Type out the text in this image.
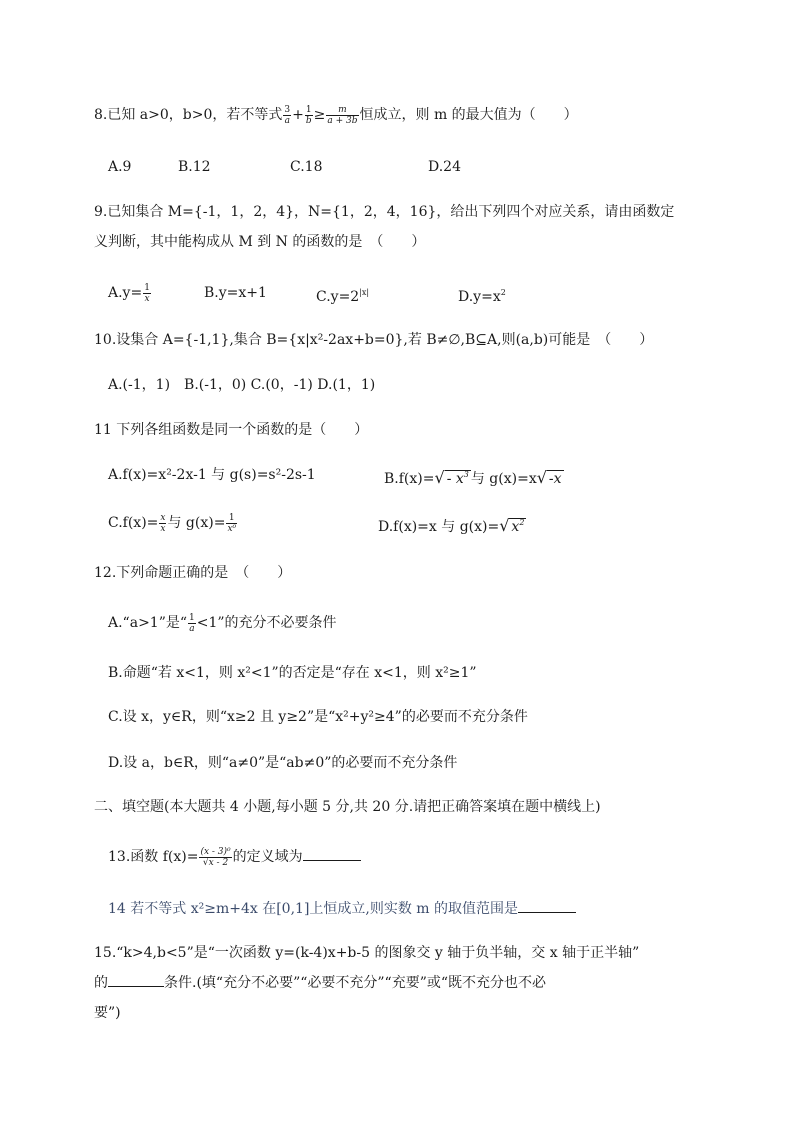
8.已知 a>0，b>0，若不等式 $\frac{3}{a} + \frac{1}{b} \ge \frac{m}{a + 3b}$ 恒成立，则 m 的最大值为（　　）
A.9	B.12	C.18	D.24
9.已知集合 M={-1，1，2，4}，N={1，2，4，16}，给出下列四个对应关系，请由函数定
义判断，其中能构成从 M 到 N 的函数的是　（　　）
$A.y= \frac{1}{x}$	B.y=x+1	$C.y=2^{|x|}$	$D.y=x^2$
10.设集合 A={-1,1},集合 B={x|x²-2ax+b=0},若 B≠∅,B⊆A,则(a,b)可能是　（　　）
A.(-1，1)　B.(-1，0) C.(0，-1) D.(1，1)
11 下列各组函数是同一个函数的是（　　）
A.f(x)=x²-2x-1 与 g(s)=s²-2s-1	$B.f(x)=√ - x^3$ 与 g(x)=x√ -x
$C.f(x)= \frac{x}{x}$ 与 $g(x)= \frac{1}{\text{x⁰}}$	D.f(x)=x 与 g(x)=√ $x^2$
12.下列命题正确的是　（　　）
A.“a>1”是“ $\frac{1}{a} <1$”的充分不必要条件
B.命题“若 x<1，则 x²<1”的否定是“存在 x<1，则 x²≥1”
C.设 x，y∈R，则“x≥2 且 y≥2”是“x²+y²≥4”的必要而不充分条件
D.设 a，b∈R，则“a≠0”是“ab≠0”的必要而不充分条件
二、填空题(本大题共 4 小题,每小题 5 分,共 20 分.请把正确答案填在题中横线上)
13.函数 $f(x)= \frac{\text{(x - 3)⁰}}{√x - 2}$ 的定义域为
14 若不等式 x²≥m+4x 在[0,1]上恒成立,则实数 m 的取值范围是
15.“k>4,b<5”是“一次函数 y=(k-4)x+b-5 的图象交 y 轴于负半轴，交 x 轴于正半轴”
的	条件.(填“充分不必要”“必要不充分”“充要”或“既不充分也不必
要”)
